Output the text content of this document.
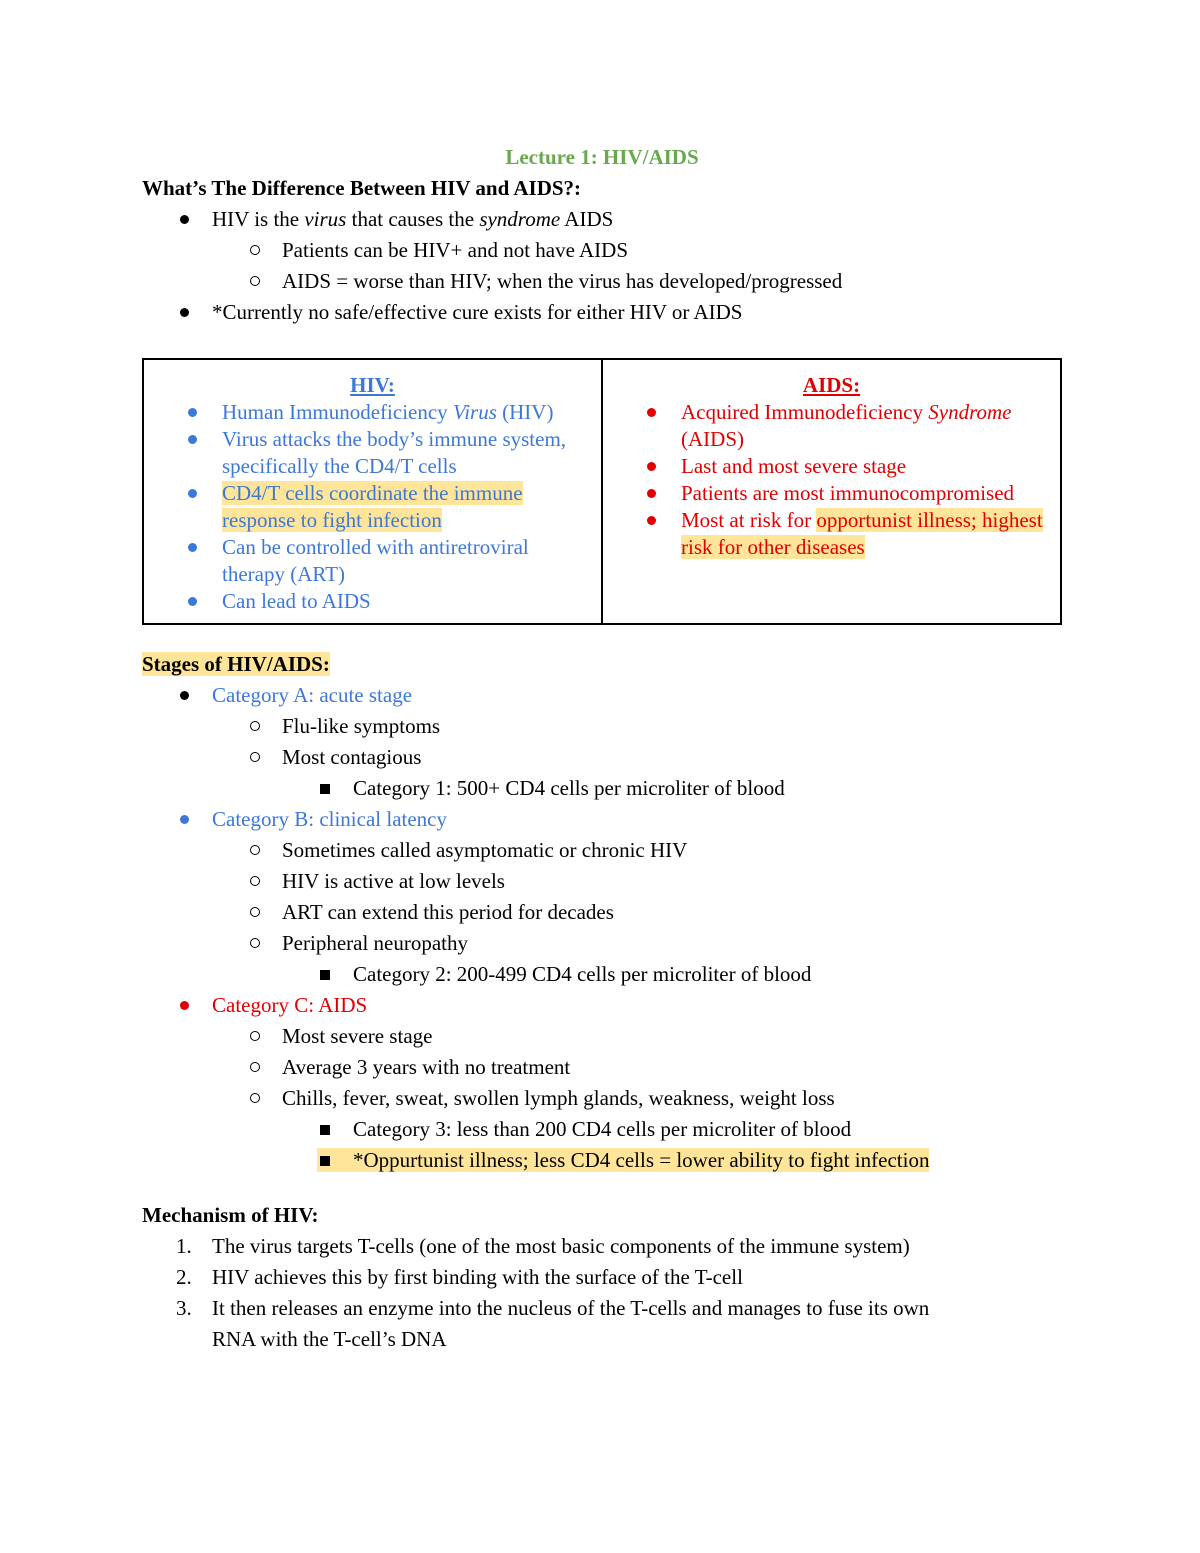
Lecture 1: HIV/AIDS
What’s The Difference Between HIV and AIDS?:
HIV is the virus that causes the syndrome AIDS
Patients can be HIV+ and not have AIDS
AIDS = worse than HIV; when the virus has developed/progressed
*Currently no safe/effective cure exists for either HIV or AIDS
HIV:
Human Immunodeficiency Virus (HIV)
Virus attacks the body’s immune system, specifically the CD4/T cells
CD4/T cells coordinate the immune response to fight infection
Can be controlled with antiretroviral therapy (ART)
Can lead to AIDS

AIDS:
Acquired Immunodeficiency Syndrome (AIDS)
Last and most severe stage
Patients are most immunocompromised
Most at risk for opportunist illness; highest risk for other diseases
Stages of HIV/AIDS:
Category A: acute stage
Flu-like symptoms
Most contagious
Category 1: 500+ CD4 cells per microliter of blood
Category B: clinical latency
Sometimes called asymptomatic or chronic HIV
HIV is active at low levels
ART can extend this period for decades
Peripheral neuropathy
Category 2: 200-499 CD4 cells per microliter of blood
Category C: AIDS
Most severe stage
Average 3 years with no treatment
Chills, fever, sweat, swollen lymph glands, weakness, weight loss
Category 3: less than 200 CD4 cells per microliter of blood
*Oppurtunist illness; less CD4 cells = lower ability to fight infection
Mechanism of HIV:
1. The virus targets T-cells (one of the most basic components of the immune system)
2. HIV achieves this by first binding with the surface of the T-cell
3. It then releases an enzyme into the nucleus of the T-cells and manages to fuse its own
RNA with the T-cell’s DNA
